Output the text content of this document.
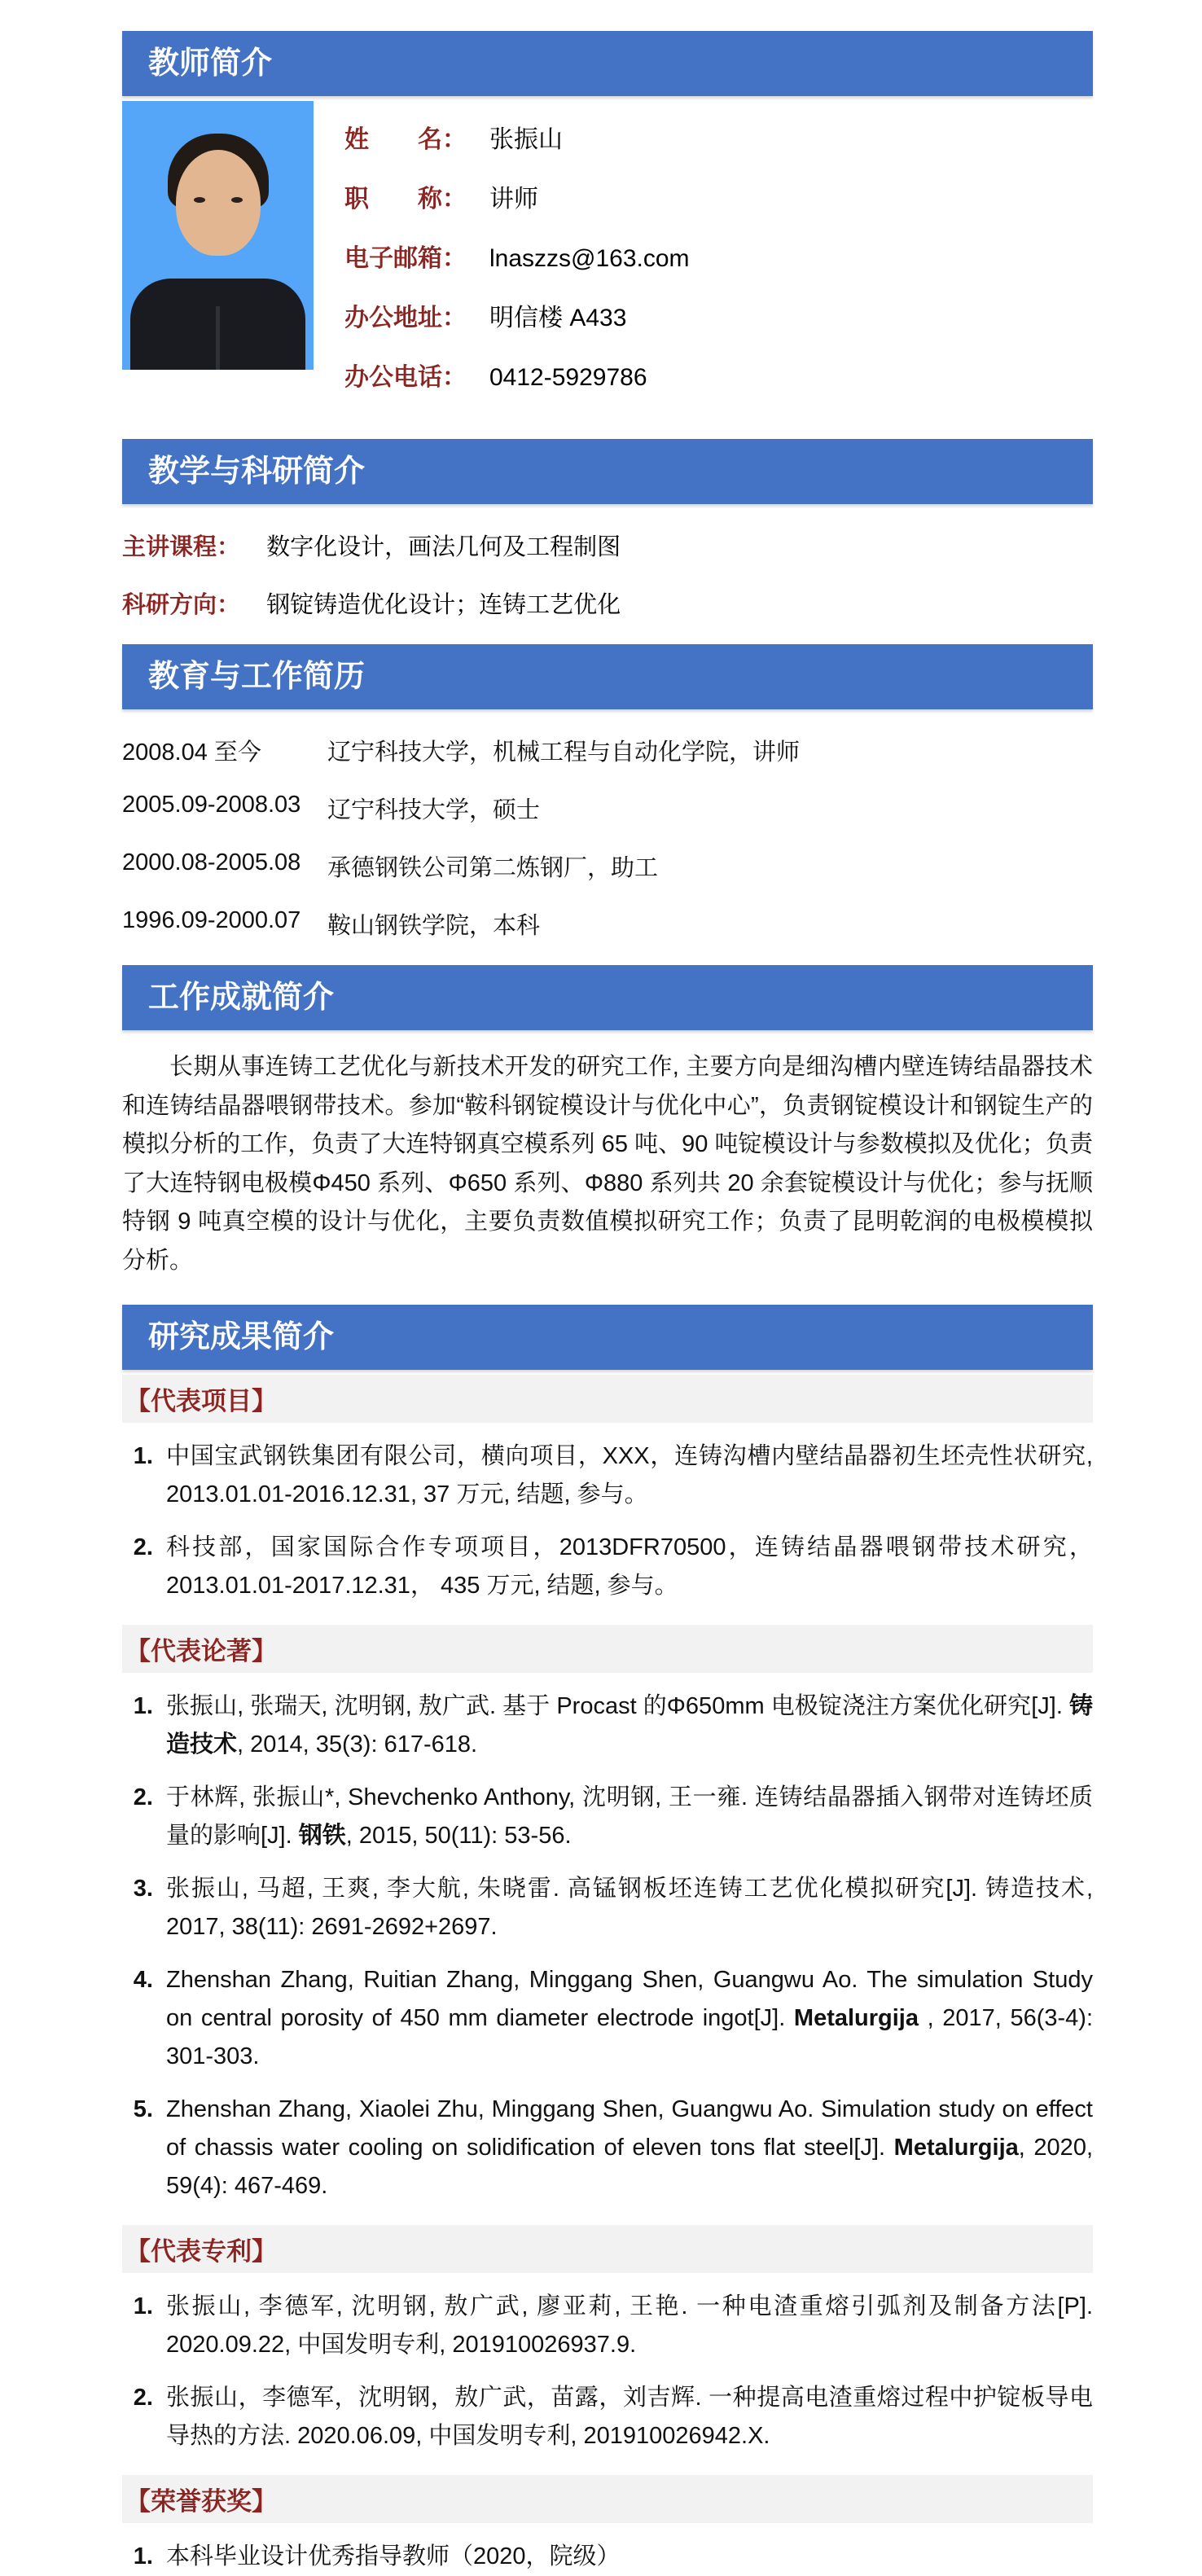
教师简介
姓　　名： 张振山
职　　称： 讲师
电子邮箱： lnaszzs@163.com
办公地址： 明信楼 A433
办公电话： 0412-5929786
教学与科研简介
主讲课程： 数字化设计，画法几何及工程制图
科研方向： 钢锭铸造优化设计；连铸工艺优化
教育与工作简历
2008.04 至今	辽宁科技大学，机械工程与自动化学院，讲师
2005.09-2008.03	辽宁科技大学，硕士
2000.08-2005.08	承德钢铁公司第二炼钢厂，助工
1996.09-2000.07	鞍山钢铁学院，本科
工作成就简介

长期从事连铸工艺优化与新技术开发的研究工作, 主要方向是细沟槽内壁连铸结晶器技术和连铸结晶器喂钢带技术。参加“鞍科钢锭模设计与优化中心”，负责钢锭模设计和钢锭生产的模拟分析的工作，负责了大连特钢真空模系列 65 吨、90 吨锭模设计与参数模拟及优化；负责了大连特钢电极模Φ450 系列、Φ650 系列、Φ880 系列共 20 余套锭模设计与优化；参与抚顺特钢 9 吨真空模的设计与优化，主要负责数值模拟研究工作；负责了昆明乾润的电极模模拟分析。

研究成果简介
【代表项目】
1. 中国宝武钢铁集团有限公司，横向项目，XXX，连铸沟槽内壁结晶器初生坯壳性状研究, 2013.01.01-2016.12.31, 37 万元, 结题, 参与。
2. 科技部，国家国际合作专项项目，2013DFR70500，连铸结晶器喂钢带技术研究，2013.01.01-2017.12.31， 435 万元, 结题, 参与。
【代表论著】
1. 张振山, 张瑞天, 沈明钢, 敖广武. 基于 Procast 的Φ650mm 电极锭浇注方案优化研究[J]. 铸造技术, 2014, 35(3): 617-618.
2. 于林辉, 张振山*, Shevchenko Anthony, 沈明钢, 王一雍. 连铸结晶器插入钢带对连铸坯质量的影响[J]. 钢铁, 2015, 50(11): 53-56.
3. 张振山, 马超, 王爽, 李大航, 朱晓雷. 高锰钢板坯连铸工艺优化模拟研究[J]. 铸造技术, 2017, 38(11): 2691-2692+2697.
4. Zhenshan Zhang, Ruitian Zhang, Minggang Shen, Guangwu Ao. The simulation Study on central porosity of 450 mm diameter electrode ingot[J]. Metalurgija , 2017, 56(3-4): 301-303.
5. Zhenshan Zhang, Xiaolei Zhu, Minggang Shen, Guangwu Ao. Simulation study on effect of chassis water cooling on solidification of eleven tons flat steel[J]. Metalurgija, 2020, 59(4): 467-469.
【代表专利】
1. 张振山, 李德军, 沈明钢, 敖广武, 廖亚莉, 王艳. 一种电渣重熔引弧剂及制备方法[P]. 2020.09.22, 中国发明专利, 201910026937.9.
2. 张振山，李德军，沈明钢，敖广武，苗露，刘吉辉. 一种提高电渣重熔过程中护锭板导电导热的方法. 2020.06.09, 中国发明专利, 201910026942.X.
【荣誉获奖】
1. 本科毕业设计优秀指导教师（2020，院级）
